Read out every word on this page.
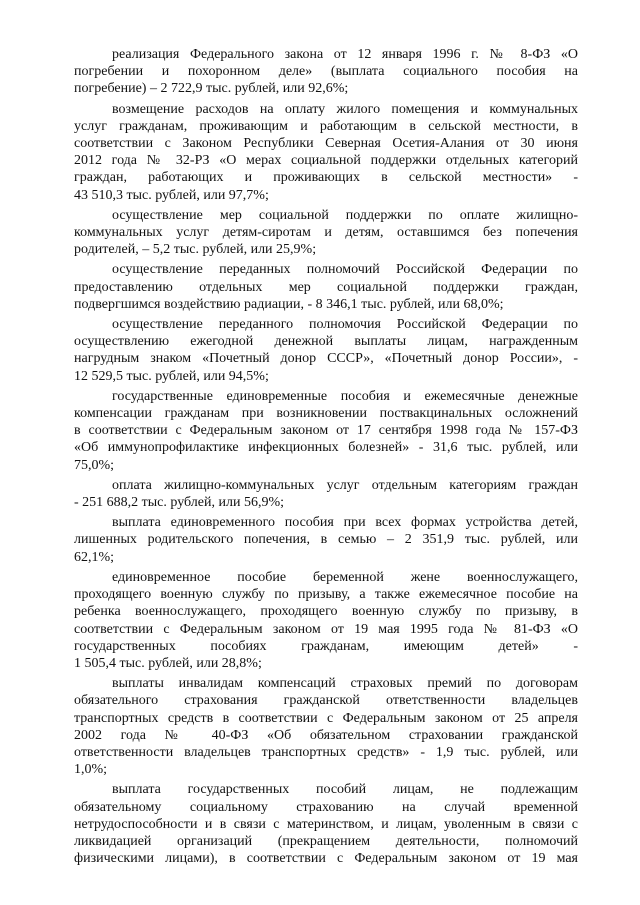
реализация Федерального закона от 12 января 1996 г. № 8-ФЗ «О
погребении и похоронном деле» (выплата социального пособия на
погребение) – 2 722,9 тыс. рублей, или 92,6%;
возмещение расходов на оплату жилого помещения и коммунальных
услуг гражданам, проживающим и работающим в сельской местности, в
соответствии с Законом Республики Северная Осетия-Алания от 30 июня
2012 года № 32-РЗ «О мерах социальной поддержки отдельных категорий
граждан, работающих и проживающих в сельской местности» -
43 510,3 тыс. рублей, или 97,7%;
осуществление мер социальной поддержки по оплате жилищно-
коммунальных услуг детям-сиротам и детям, оставшимся без попечения
родителей, – 5,2 тыс. рублей, или 25,9%;
осуществление переданных полномочий Российской Федерации по
предоставлению отдельных мер социальной поддержки граждан,
подвергшимся воздействию радиации, - 8 346,1 тыс. рублей, или 68,0%;
осуществление переданного полномочия Российской Федерации по
осуществлению ежегодной денежной выплаты лицам, награжденным
нагрудным знаком «Почетный донор СССР», «Почетный донор России», -
12 529,5 тыс. рублей, или 94,5%;
государственные единовременные пособия и ежемесячные денежные
компенсации гражданам при возникновении поствакцинальных осложнений
в соответствии с Федеральным законом от 17 сентября 1998 года № 157-ФЗ
«Об иммунопрофилактике инфекционных болезней» - 31,6 тыс. рублей, или
75,0%;
оплата жилищно-коммунальных услуг отдельным категориям граждан
- 251 688,2 тыс. рублей, или 56,9%;
выплата единовременного пособия при всех формах устройства детей,
лишенных родительского попечения, в семью – 2 351,9 тыс. рублей, или
62,1%;
единовременное пособие беременной жене военнослужащего,
проходящего военную службу по призыву, а также ежемесячное пособие на
ребенка военнослужащего, проходящего военную службу по призыву, в
соответствии с Федеральным законом от 19 мая 1995 года № 81-ФЗ «О
государственных пособиях гражданам, имеющим детей» -
1 505,4 тыс. рублей, или 28,8%;
выплаты инвалидам компенсаций страховых премий по договорам
обязательного страхования гражданской ответственности владельцев
транспортных средств в соответствии с Федеральным законом от 25 апреля
2002 года № 40-ФЗ «Об обязательном страховании гражданской
ответственности владельцев транспортных средств» - 1,9 тыс. рублей, или
1,0%;
выплата государственных пособий лицам, не подлежащим
обязательному социальному страхованию на случай временной
нетрудоспособности и в связи с материнством, и лицам, уволенным в связи с
ликвидацией организаций (прекращением деятельности, полномочий
физическими лицами), в соответствии с Федеральным законом от 19 мая
